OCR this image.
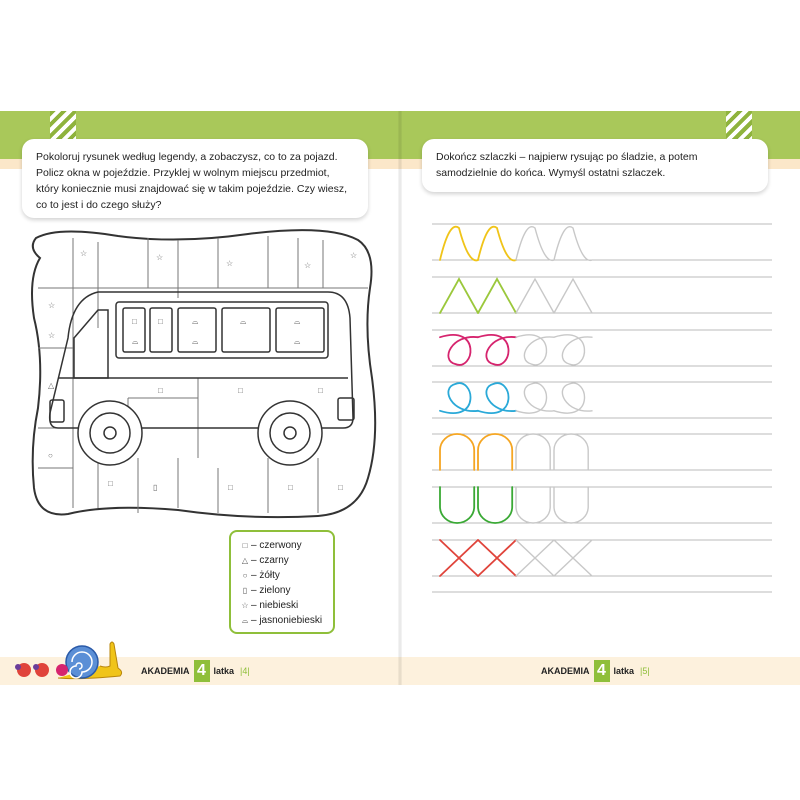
Pokoloruj rysunek według legendy, a zobaczysz, co to za pojazd. Policz okna w pojeździe. Przyklej w wolnym miejscu przedmiot, który koniecznie musi znajdować się w takim pojeździe. Czy wiesz, co to jest i do czego służy?
☆	☆
☆	☆
☆
☆
□	□	⌓	⌓	⌓
⌓	⌓	⌓
□	□	□
△
○
□	▯	□	□	□
☆
□ – czerwony
△ – czarny
○ – żółty
▯ – zielony
☆ – niebieski
⌓ – jasnoniebieski
AKADEMIA 4 latka |4|
Dokończ szlaczki – najpierw rysując po śladzie, a potem samodzielnie do końca. Wymyśl ostatni szlaczek.
AKADEMIA 4 latka |5|
